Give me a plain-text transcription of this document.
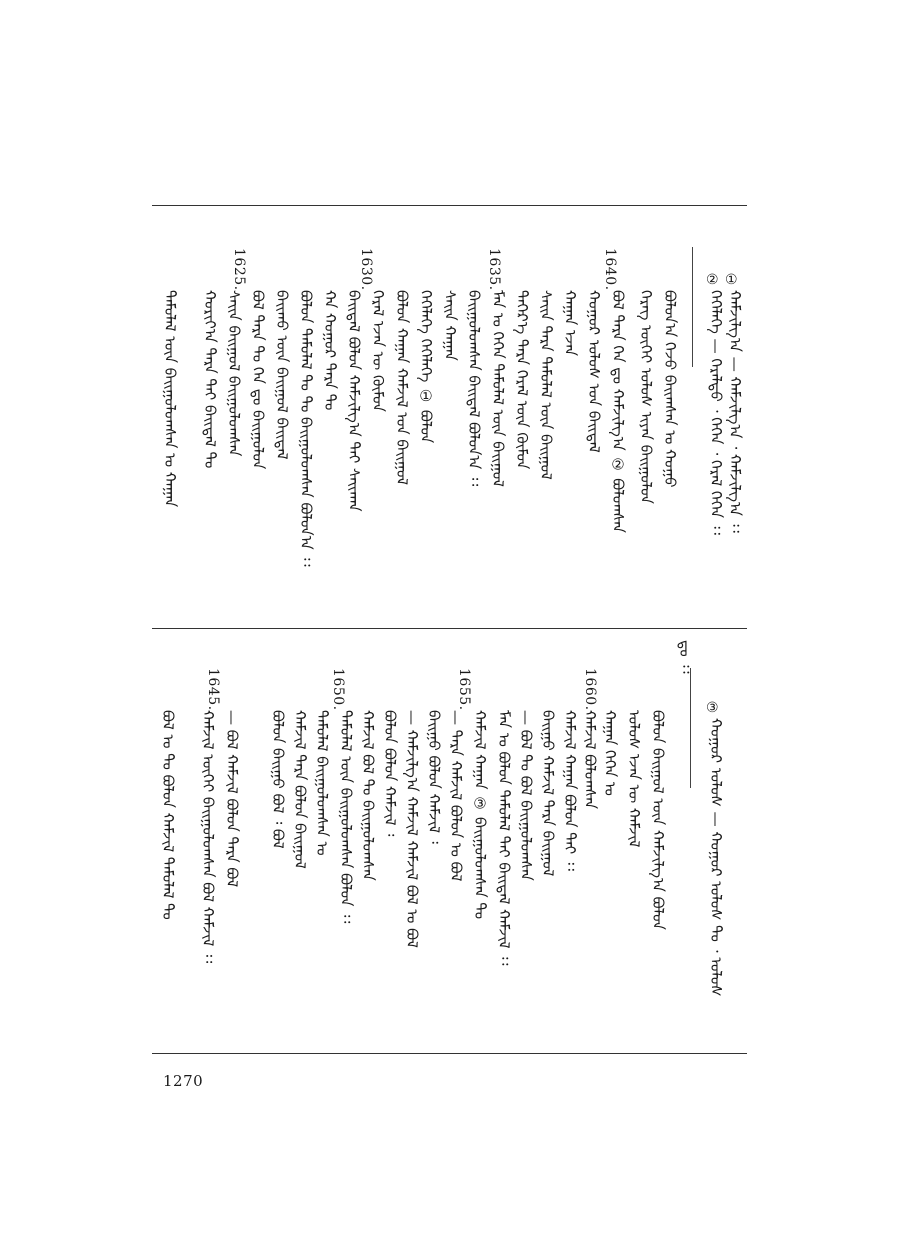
①
ᠬᠠᠮᠵᠢᠯᠭ᠎ᠠ — ᠬᠠᠮᠵᠢᠯᠭ᠎ᠠ ᠂ ᠬᠠᠮᠵᠢᠯᠭ᠎ᠠ ᠄᠄
②
ᠭᠡᠭᠡᠯᠡᠭᠡ — ᠭᠡᠷᠡᠯᠲᠦ ᠂ ᠭᠡᠭᠡᠨ ᠂ ᠭᠡᠷᠡᠯ ᠭᠡᠭᠡᠨ ᠄᠄
1640.
1635.
1630.
1625.
ᠪᠣᠯᠤᠨ᠎ᠠ ᠭᠡᠵᠦ ᠪᠠᠢᠭᠰᠠᠨ ᠤ ᠬᠤᠭᠤ
ᠬᠡᠷᠡᠭ ᠦᠭᠡᠢ ᠤᠯᠤᠰ ᠢᠶᠠᠨ ᠪᠠᠢᠭᠤᠯᠤᠨ
ᠪᠣᠯ ᠲᠡᠷᠡ ᠭᠡᠨ ᠳᠤ ᠬᠠᠮᠵᠢᠯᠭ᠎ᠠ ② ᠪᠣᠯᠤᠭᠰᠠᠨ
ᠬᠤᠭᠤᠷ ᠤᠯᠤᠰ ᠤᠨ ᠪᠠᠢᠳᠠᠯ
ᠬᠠᠭᠠᠨ ᠡᠵᠡᠨ
ᠰᠠᠢᠨ ᠲᠡᠷᠡ ᠲᠡᠮᠦᠯᠡᠯ ᠦᠨ ᠪᠠᠢᠭᠤᠯ
ᠳᠡᠭᠡᠷ᠎ᠡ ᠲᠡᠷᠡ ᠭᠡᠷᠡᠯ ᠦᠨ ᠬᠦᠮᠦᠨ
ᠮᠠᠨ ᠤ ᠬᠡᠭᠡᠨ ᠲᠡᠮᠦᠯᠡᠯ ᠦᠨ ᠪᠠᠢᠭᠤᠯ
ᠪᠠᠢᠭᠤᠯᠤᠭᠰᠠᠨ ᠪᠠᠢᠳᠠᠯ ᠪᠣᠯᠤᠨ᠎ᠠ ᠄᠄
ᠰᠠᠢᠨ ᠬᠠᠭᠠᠨ
ᠭᠡᠭᠡᠯᠡᠭᠡ ᠭᠡᠭᠡᠯᠡᠭᠡ ① ᠪᠣᠯᠤᠨ
ᠪᠣᠯᠤᠨ ᠬᠠᠭᠠᠨ ᠬᠠᠮᠵᠢᠯ ᠤᠨ ᠪᠠᠢᠭᠤᠯ
ᠭᠡᠷᠡᠯ ᠡᠵᠡᠨ ᠦ ᠬᠦᠮᠦᠨ
ᠪᠠᠢᠳᠠᠯ ᠪᠣᠯᠤᠨ ᠬᠠᠮᠵᠢᠯᠭ᠎ᠠ ᠲᠠᠢ ᠰᠠᠢᠬᠠᠨ
ᠬᠠ ᠬᠤᠭᠤᠷ ᠲᠡᠷᠡ ᠲᠤ
ᠪᠣᠯᠤᠨ ᠲᠡᠮᠦᠯᠡᠯ ᠲᠤ ᠲᠤ ᠪᠠᠢᠭᠤᠯᠤᠭᠰᠠᠨ ᠪᠣᠯᠤᠨ᠎ᠠ ᠄᠄
ᠪᠠᠢᠬᠤ ᠦᠨ ᠪᠠᠢᠭᠤᠯ ᠪᠠᠢᠳᠠᠯ
ᠪᠣᠯ ᠲᠡᠷᠡ ᠲᠤ ᠭᠡᠨ ᠳᠤ ᠪᠠᠢᠭᠤᠯᠤᠨ
ᠰᠠᠢᠨ ᠪᠠᠢᠭᠤᠯ ᠪᠠᠢᠭᠤᠯᠤᠭᠰᠠᠨ
ᠬᠤᠷᠢᠶ᠎ᠠ ᠲᠡᠷᠡ ᠲᠠᠢ ᠪᠠᠢᠳᠠᠯ ᠲᠤ
ᠲᠡᠮᠦᠯᠡᠯ ᠦᠨ ᠪᠠᠢᠭᠤᠯᠤᠭᠰᠠᠨ ᠤ ᠬᠠᠭᠠᠨ
③
ᠬᠤᠭᠤᠷ ᠤᠯᠤᠰ — ᠬᠤᠭᠤᠷ ᠤᠯᠤᠰ ᠲᠤ ᠂ ᠤᠯᠤᠰ
1660.
1655.
1650.
1645.
ᠳᠤ ᠄᠄
ᠪᠣᠯᠤᠨ ᠪᠠᠢᠭᠤᠯ ᠦᠨ ᠬᠠᠮᠵᠢᠯᠭ᠎ᠠ ᠪᠣᠯᠤᠨ
ᠤᠯᠤᠰ ᠡᠵᠡᠨ ᠦ ᠬᠠᠮᠵᠢᠯ
ᠬᠠᠭᠠᠨ ᠭᠡᠭᠡᠨ ᠤ
ᠬᠠᠮᠵᠢᠯ ᠪᠣᠯᠤᠭᠰᠠᠨ
ᠬᠠᠮᠵᠢᠯ ᠬᠠᠭᠠᠨ ᠪᠣᠯᠤᠨ ᠲᠠᠢ ᠄᠄
ᠪᠠᠢᠭᠤ ᠬᠠᠮᠵᠢᠯ ᠲᠡᠷᠡ ᠪᠠᠢᠭᠤᠯ
— ᠪᠣᠯ ᠲᠤ ᠪᠣᠯ ᠪᠠᠢᠭᠤᠯᠤᠭᠰᠠᠨ
ᠮᠠᠨ ᠤ ᠪᠣᠯᠤᠨ ᠲᠡᠮᠦᠯᠡᠯ ᠲᠠᠢ ᠪᠠᠢᠳᠠᠯ ᠬᠠᠮᠵᠢᠯ ᠄᠄
ᠬᠠᠮᠵᠢᠯ ᠬᠠᠭᠠᠨ ③ ᠪᠠᠢᠭᠤᠯᠤᠭᠰᠠᠨ ᠲᠤ
— ᠲᠡᠷᠡ ᠬᠠᠮᠵᠢᠯ ᠪᠣᠯᠤᠨ ᠤ ᠪᠣᠯ
ᠪᠠᠢᠭᠤ ᠪᠣᠯᠤᠨ ᠬᠠᠮᠵᠢᠯ ᠄
— ᠬᠠᠮᠵᠢᠯᠭ᠎ᠠ ᠬᠠᠮᠵᠢᠯ ᠬᠠᠮᠵᠢᠯ ᠪᠣᠯ ᠤ ᠪᠣᠯ
ᠪᠣᠯᠤᠨ ᠪᠣᠯᠤᠨ ᠬᠠᠮᠵᠢᠯ ᠄
ᠬᠠᠮᠵᠢᠯ ᠪᠣᠯ ᠲᠤ ᠪᠠᠢᠭᠤᠯᠤᠭᠰᠠᠨ
ᠲᠡᠮᠦᠯᠡᠯ ᠦᠨ ᠪᠠᠢᠭᠤᠯᠤᠭᠰᠠᠨ ᠪᠣᠯᠤᠨ ᠄᠄
ᠲᠡᠮᠦᠯᠡᠯ ᠪᠠᠢᠭᠤᠯᠤᠭᠰᠠᠨ ᠤ
ᠬᠠᠮᠵᠢᠯ ᠲᠡᠷᠡ ᠪᠣᠯᠤᠨ ᠪᠠᠢᠭᠤᠯ
ᠪᠣᠯᠤᠨ ᠪᠠᠢᠭᠤ ᠪᠣᠯ ᠄ ᠪᠣᠯ
— ᠪᠣᠯ ᠬᠠᠮᠵᠢᠯ ᠪᠣᠯᠤᠨ ᠲᠡᠷᠡ ᠪᠣᠯ
ᠬᠠᠮᠵᠢᠯ ᠦᠭᠡᠢ ᠪᠠᠢᠭᠤᠯᠤᠭᠰᠠᠨ ᠪᠣᠯ ᠬᠠᠮᠵᠢᠯ ᠄᠄
ᠪᠣᠯ ᠤ ᠲᠤ ᠪᠣᠯᠤᠨ ᠬᠠᠮᠵᠢᠯ ᠲᠡᠮᠦᠯᠡᠯ ᠲᠤ
1270
